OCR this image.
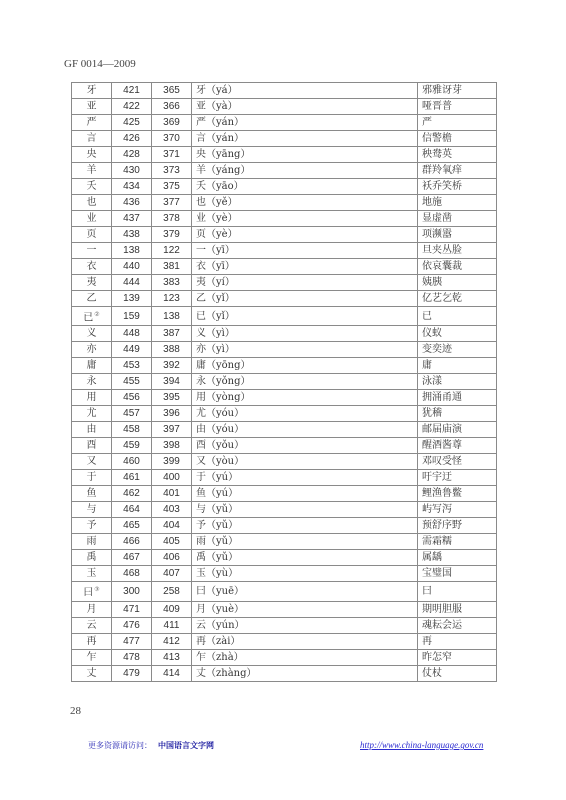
GF 0014—2009
牙	421	365	牙（yá）	邪雅讶芽
亚	422	366	亚（yà）	哑晋普
严	425	369	严（yán）	严
言	426	370	言（yán）	信警檐
央	428	371	央（yāng）	秧鸯英
羊	430	373	羊（yáng）	群羚氧痒
夭	434	375	夭（yāo）	袄乔笑桥
也	436	377	也（yě）	地施
业	437	378	业（yè）	显虚凿
页	438	379	页（yè）	项濒嚣
一	138	122	一（yī）	旦夹丛脸
衣	440	381	衣（yī）	依哀囊裁
夷	444	383	夷（yí）	姨胰
乙	139	123	乙（yǐ）	亿艺乞乾
已②	159	138	已（yǐ）	已
义	448	387	义（yì）	仪蚁
亦	449	388	亦（yì）	变奕迹
庸	453	392	庸（yōng）	庸
永	455	394	永（yǒng）	泳漾
用	456	395	用（yòng）	拥涌甬通
尤	457	396	尤（yóu）	犹稽
由	458	397	由（yóu）	邮届庙演
酉	459	398	酉（yǒu）	醒酒酱尊
又	460	399	又（yòu）	邓叹受怪
于	461	400	于（yú）	吁宇迂
鱼	462	401	鱼（yú）	鲤渔鲁鳖
与	464	403	与（yǔ）	屿写泻
予	465	404	予（yǔ）	预舒序野
雨	466	405	雨（yǔ）	需霜糯
禹	467	406	禹（yǔ）	属龋
玉	468	407	玉（yù）	宝璧国
曰③	300	258	曰（yuē）	曰
月	471	409	月（yuè）	期明胆服
云	476	411	云（yún）	魂耘会运
再	477	412	再（zài）	再
乍	478	413	乍（zhà）	昨怎窄
丈	479	414	丈（zhàng）	仗杖
28
更多资源请访问： 中国语言文字网	http://www.china-language.gov.cn
